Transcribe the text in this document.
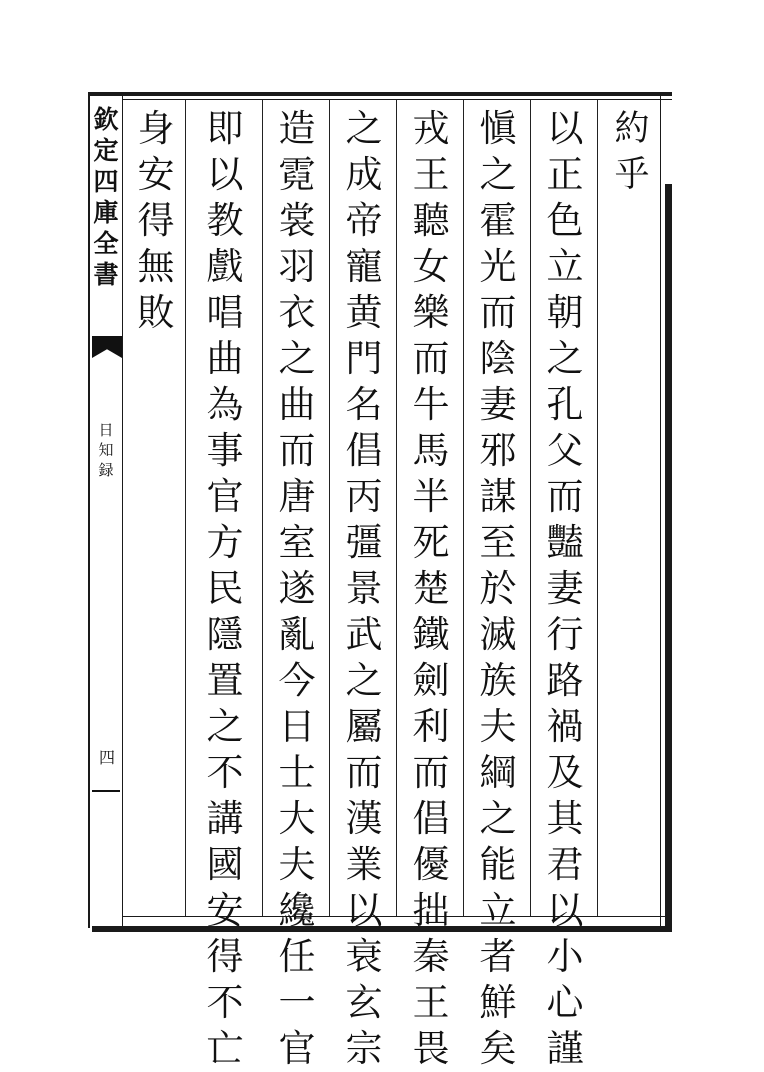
欽
定
四
庫
全
書
日
知
録
四
約
乎
以
正
色
立
朝
之
孔
父
而
豔
妻
行
路
禍
及
其
君
以
小
心
謹
愼
之
霍
光
而
陰
妻
邪
謀
至
於
滅
族
夫
綱
之
能
立
者
鮮
矣
戎
王
聽
女
樂
而
牛
馬
半
死
楚
鐵
劍
利
而
倡
優
拙
秦
王
畏
之
成
帝
寵
黄
門
名
倡
丙
彊
景
武
之
屬
而
漢
業
以
衰
玄
宗
造
霓
裳
羽
衣
之
曲
而
唐
室
遂
亂
今
日
士
大
夫
纔
任
一
官
即
以
教
戲
唱
曲
為
事
官
方
民
隱
置
之
不
講
國
安
得
不
亡
身
安
得
無
敗
